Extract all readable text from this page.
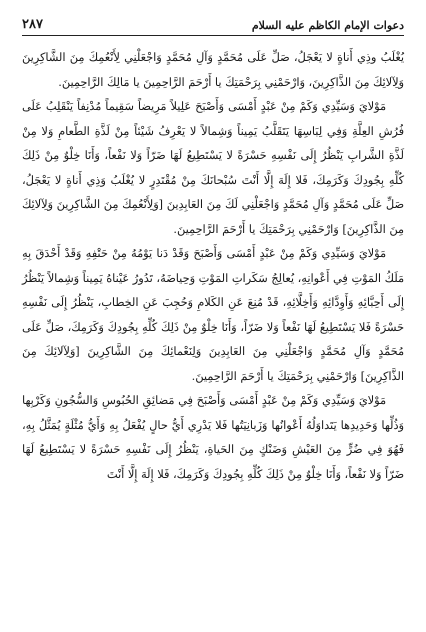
دعوات الإمام الكاظم عليه السلام
٢٨٧

يُغْلَبُ وذِي أَناةٍ لا يَعْجَلُ، صَلِّ عَلَى مُحَمَّدٍ وَآلِ مُحَمَّدٍ وَاجْعَلْنِي لِأَنْعُمِكَ مِنَ الشَّاكِرِينَ وَلِآلائِكَ مِنَ الذَّاكِرِينَ، وَارْحَمْنِي بِرَحْمَتِكَ يا أَرْحَمَ الرَّاحِمِينَ يا مَالِكَ الرَّاحِمِينَ.

مَوْلايَ وَسَيِّدِي وَكَمْ مِنْ عَبْدٍ أَمْسَى وَأَصْبَحَ عَلِيلاً مَرِيضاً سَقِيماً مُدْنِفاً يَنْقَلِبُ عَلَى فُرُشِ العِلَّةِ وَفِي لِبَاسِهَا يَتَقَلَّبُ يَمِيناً وَشِمالاً لا يَعْرِفُ شَيْئاً مِنْ لَذَّةِ الطَّعامِ وَلا مِنْ لَذَّةِ الشَّرابِ يَنْظُرُ إِلَى نَفْسِهِ حَسْرَةً لا يَسْتَطِيعُ لَهَا ضَرّاً وَلا نَفْعاً، وَأَنَا خِلْوٌ مِنْ ذَلِكَ كُلِّهِ بِجُودِكَ وَكَرَمِكَ، فَلا إِلَهَ إِلَّا أَنْتَ سُبْحانَكَ مِنْ مُقْتَدِرٍ لا يُغْلَبُ وَذِي أَناةٍ لا يَعْجَلُ، صَلِّ عَلَى مُحَمَّدٍ وَآلِ مُحَمَّدٍ وَاجْعَلْنِي لَكَ مِنَ العَابِدِينَ [وَلِأَنْعُمِكَ مِنَ الشَّاكِرِينَ وَلِآلائِكَ مِنَ الذَّاكِرِينَ] وَارْحَمْنِي بِرَحْمَتِكَ يا أَرْحَمَ الرَّاحِمِينَ.

مَوْلايَ وَسَيِّدِي وَكَمْ مِنْ عَبْدٍ أَمْسَى وَأَصْبَحَ وَقَدْ دَنا يَوْمُهُ مِنْ حَتْفِهِ وَقَدْ أَحْدَقَ بِهِ مَلَكُ المَوْتِ فِي أَعْوانِهِ، يُعالِجُ سَكَراتِ المَوْتِ وَحِياضَهُ، تَدُورُ عَيْناهُ يَمِيناً وَشِمالاً يَنْظُرُ إِلَى أَحِبَّائِهِ وَأَوِدَّائِهِ وَأَخِلَّائِهِ، قَدْ مُنِعَ عَنِ الكَلامِ وَحُجِبَ عَنِ الخِطابِ، يَنْظُرُ إِلَى نَفْسِهِ حَسْرَةً فَلا يَسْتَطِيعُ لَهَا نَفْعاً وَلا ضَرّاً، وَأَنَا خِلْوٌ مِنْ ذَلِكَ كُلِّهِ بِجُودِكَ وَكَرَمِكَ، صَلِّ عَلَى مُحَمَّدٍ وَآلِ مُحَمَّدٍ وَاجْعَلْنِي مِنَ العَابِدِينَ وَلِنَعْمائِكَ مِنَ الشَّاكِرِينَ [وَلِآلائِكَ مِنَ الذَّاكِرِينَ] وَارْحَمْنِي بِرَحْمَتِكَ يا أَرْحَمَ الرَّاحِمِينَ.

مَوْلايَ وَسَيِّدِي وَكَمْ مِنْ عَبْدٍ أَمْسَى وَأَصْبَحَ فِي مَضائِقِ الحُبُوسِ وَالسُّجُونِ وَكَرْبِها وَذُلِّها وَحَدِيدِها يَتَداوَلُهُ أَعْوانُها وَزَبانِيَتُها فَلا يَدْرِي أَيُّ حالٍ يُفْعَلُ بِهِ وَأَيُّ مُثْلَةٍ يُمَثَّلُ بِهِ، فَهُوَ فِي ضُرٍّ مِنَ العَيْشِ وَضَنْكٍ مِنَ الحَياةِ، يَنْظُرُ إِلَى نَفْسِهِ حَسْرَةً لا يَسْتَطِيعُ لَهَا ضَرّاً وَلا نَفْعاً، وَأَنَا خِلْوٌ مِنْ ذَلِكَ كُلِّهِ بِجُودِكَ وَكَرَمِكَ، فَلا إِلَهَ إِلَّا أَنْتَ
